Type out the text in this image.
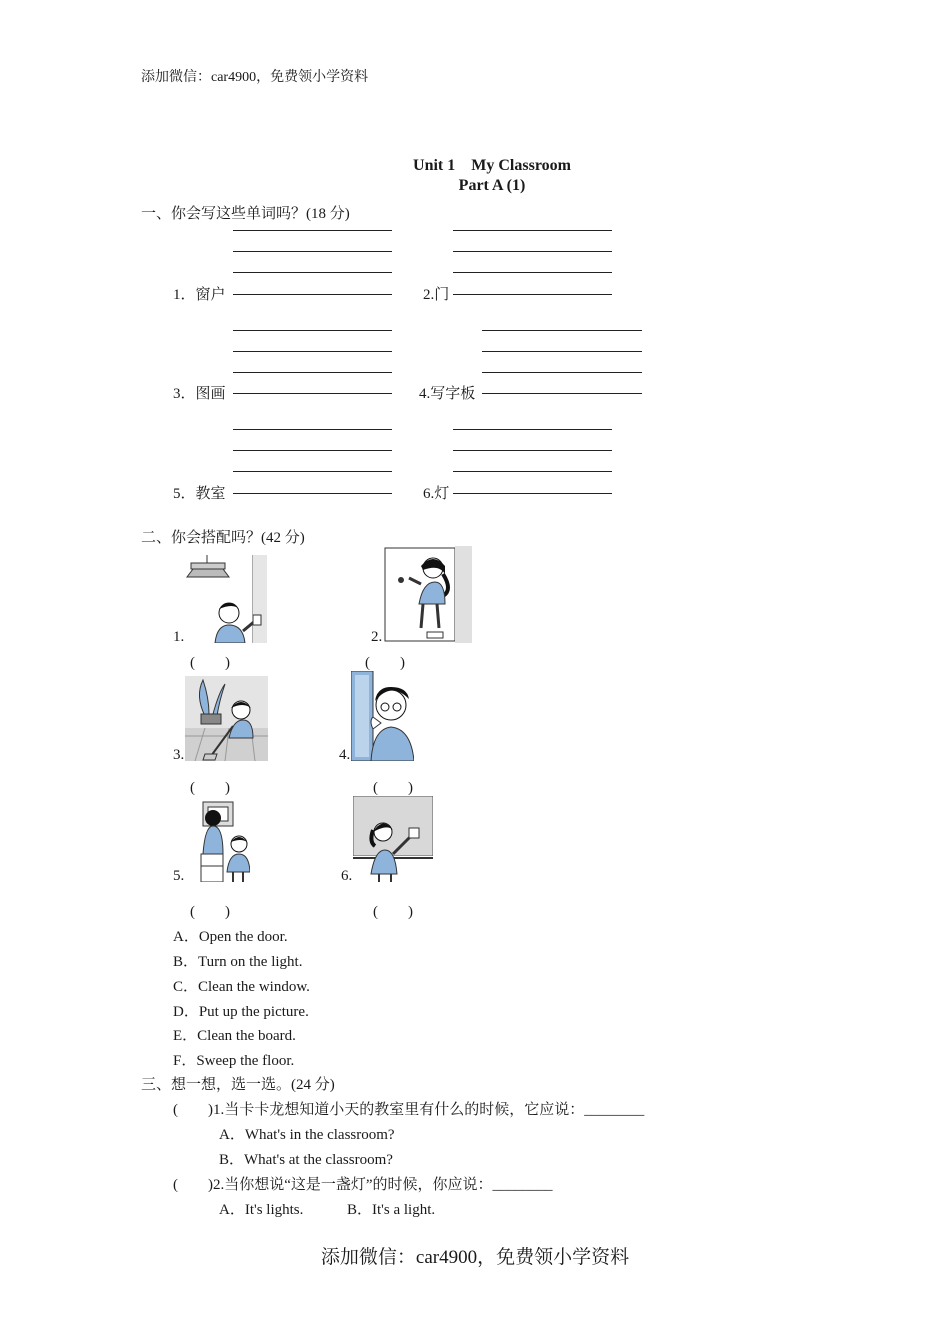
添加微信：car4900，免费领小学资料
Unit 1　My Classroom
Part A (1)
一、你会写这些单词吗？(18 分)
1．窗户	2.门
3．图画	4.写字板
5．教室	6.灯
二、你会搭配吗？(42 分)
1.
(　　)
2.
(　　)
3.
(　　)
4.
(　　)
5.
(　　)
6.
(　　)
A．Open the door.
B．Turn on the light.
C．Clean the window.
D．Put up the picture.
E．Clean the board.
F．Sweep the floor.
三、想一想，选一选。(24 分)
(　　)1.当卡卡龙想知道小天的教室里有什么的时候，它应说：________
A．What's in the classroom?
B．What's at the classroom?
(　　)2.当你想说“这是一盏灯”的时候，你应说：________
A．It's lights.	B．It's a light.
添加微信：car4900，免费领小学资料
